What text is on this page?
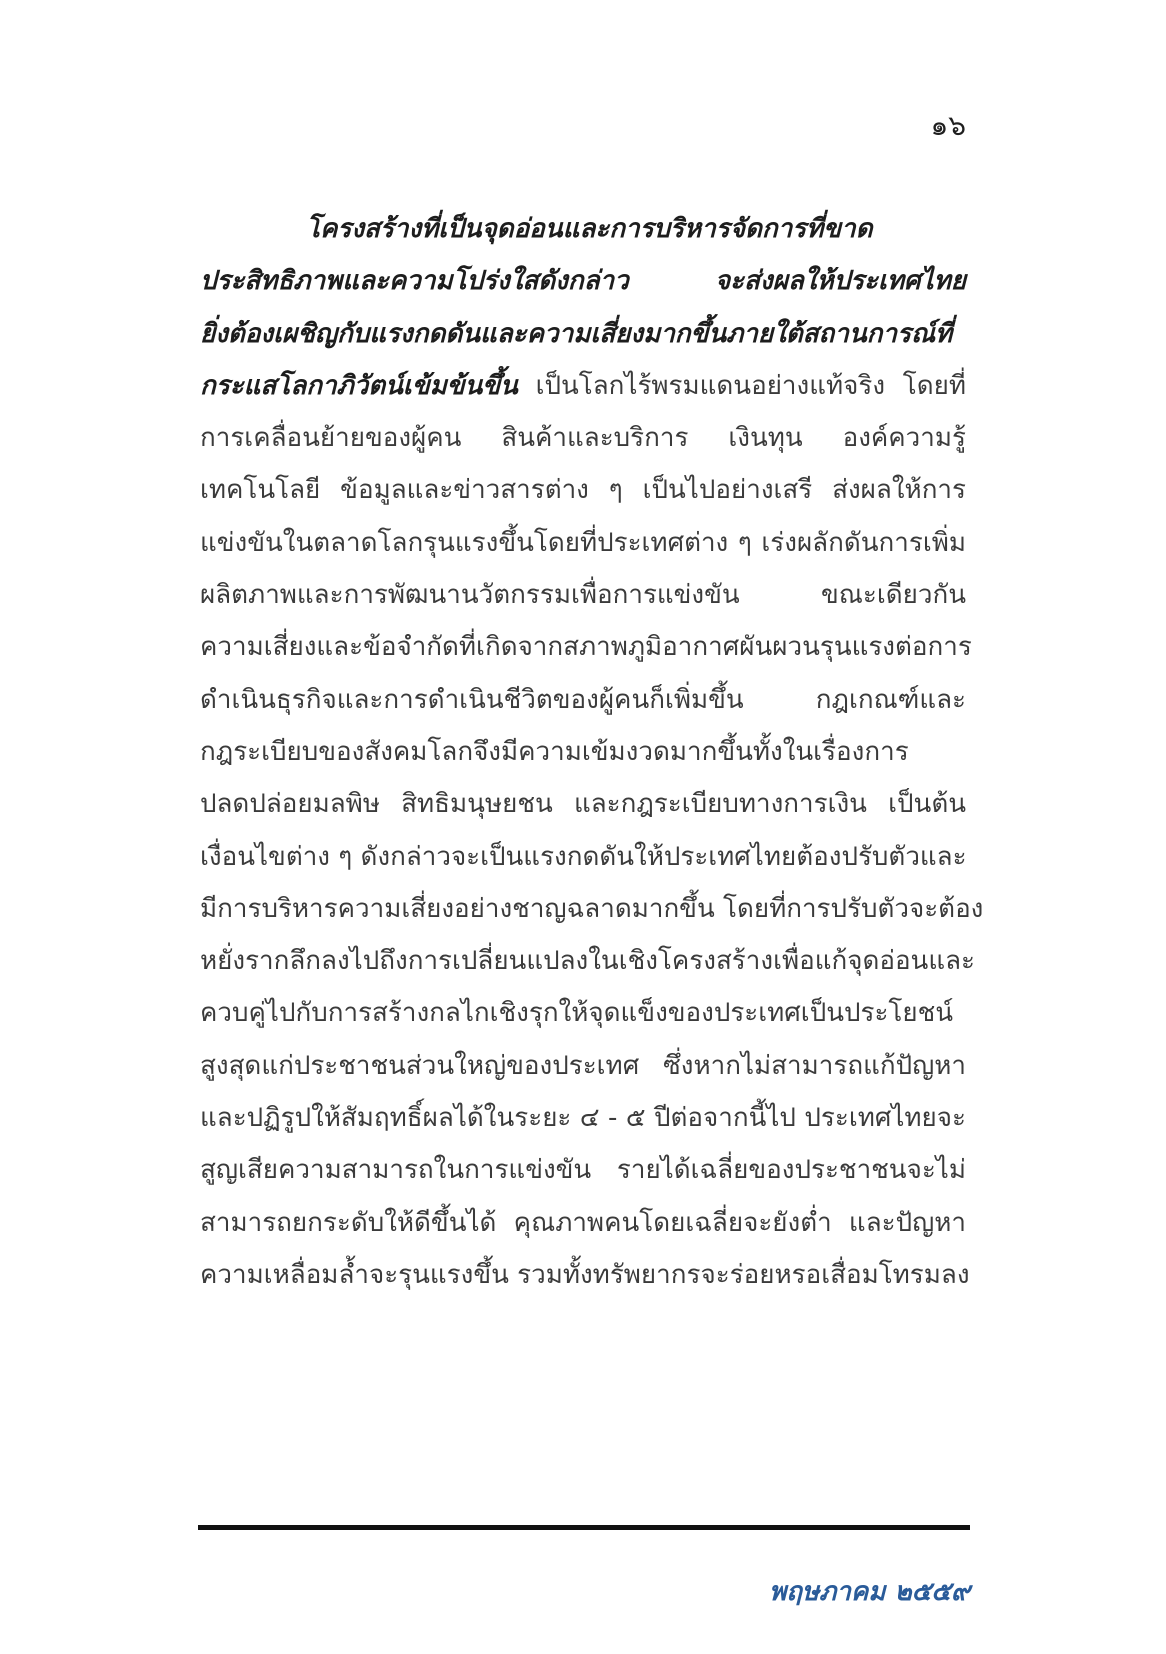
๑๖
โครงสร้างที่เป็นจุดอ่อนและการบริหารจัดการที่ขาด
ประสิทธิภาพและความโปร่งใสดังกล่าว จะส่งผลให้ประเทศไทย
ยิ่งต้องเผชิญกับแรงกดดันและความเสี่ยงมากขึ้นภายใต้สถานการณ์ที่
กระแสโลกาภิวัตน์เข้มข้นขึ้น เป็นโลกไร้พรมแดนอย่างแท้จริง โดยที่
การเคลื่อนย้ายของผู้คน สินค้าและบริการ เงินทุน องค์ความรู้
เทคโนโลยี ข้อมูลและข่าวสารต่าง ๆ เป็นไปอย่างเสรี ส่งผลให้การ
แข่งขันในตลาดโลกรุนแรงขึ้นโดยที่ประเทศต่าง ๆ เร่งผลักดันการเพิ่ม
ผลิตภาพและการพัฒนานวัตกรรมเพื่อการแข่งขัน ขณะเดียวกัน
ความเสี่ยงและข้อจำกัดที่เกิดจากสภาพภูมิอากาศผันผวนรุนแรงต่อการ
ดำเนินธุรกิจและการดำเนินชีวิตของผู้คนก็เพิ่มขึ้น กฎเกณฑ์และ
กฎระเบียบของสังคมโลกจึงมีความเข้มงวดมากขึ้นทั้งในเรื่องการ
ปลดปล่อยมลพิษ สิทธิมนุษยชน และกฎระเบียบทางการเงิน เป็นต้น
เงื่อนไขต่าง ๆ ดังกล่าวจะเป็นแรงกดดันให้ประเทศไทยต้องปรับตัวและ
มีการบริหารความเสี่ยงอย่างชาญฉลาดมากขึ้น โดยที่การปรับตัวจะต้อง
หยั่งรากลึกลงไปถึงการเปลี่ยนแปลงในเชิงโครงสร้างเพื่อแก้จุดอ่อนและ
ควบคู่ไปกับการสร้างกลไกเชิงรุกให้จุดแข็งของประเทศเป็นประโยชน์
สูงสุดแก่ประชาชนส่วนใหญ่ของประเทศ ซึ่งหากไม่สามารถแก้ปัญหา
และปฏิรูปให้สัมฤทธิ์ผลได้ในระยะ ๔ - ๕ ปีต่อจากนี้ไป ประเทศไทยจะ
สูญเสียความสามารถในการแข่งขัน รายได้เฉลี่ยของประชาชนจะไม่
สามารถยกระดับให้ดีขึ้นได้ คุณภาพคนโดยเฉลี่ยจะยังต่ำ และปัญหา
ความเหลื่อมล้ำจะรุนแรงขึ้น รวมทั้งทรัพยากรจะร่อยหรอเสื่อมโทรมลง
พฤษภาคม ๒๕๕๙
